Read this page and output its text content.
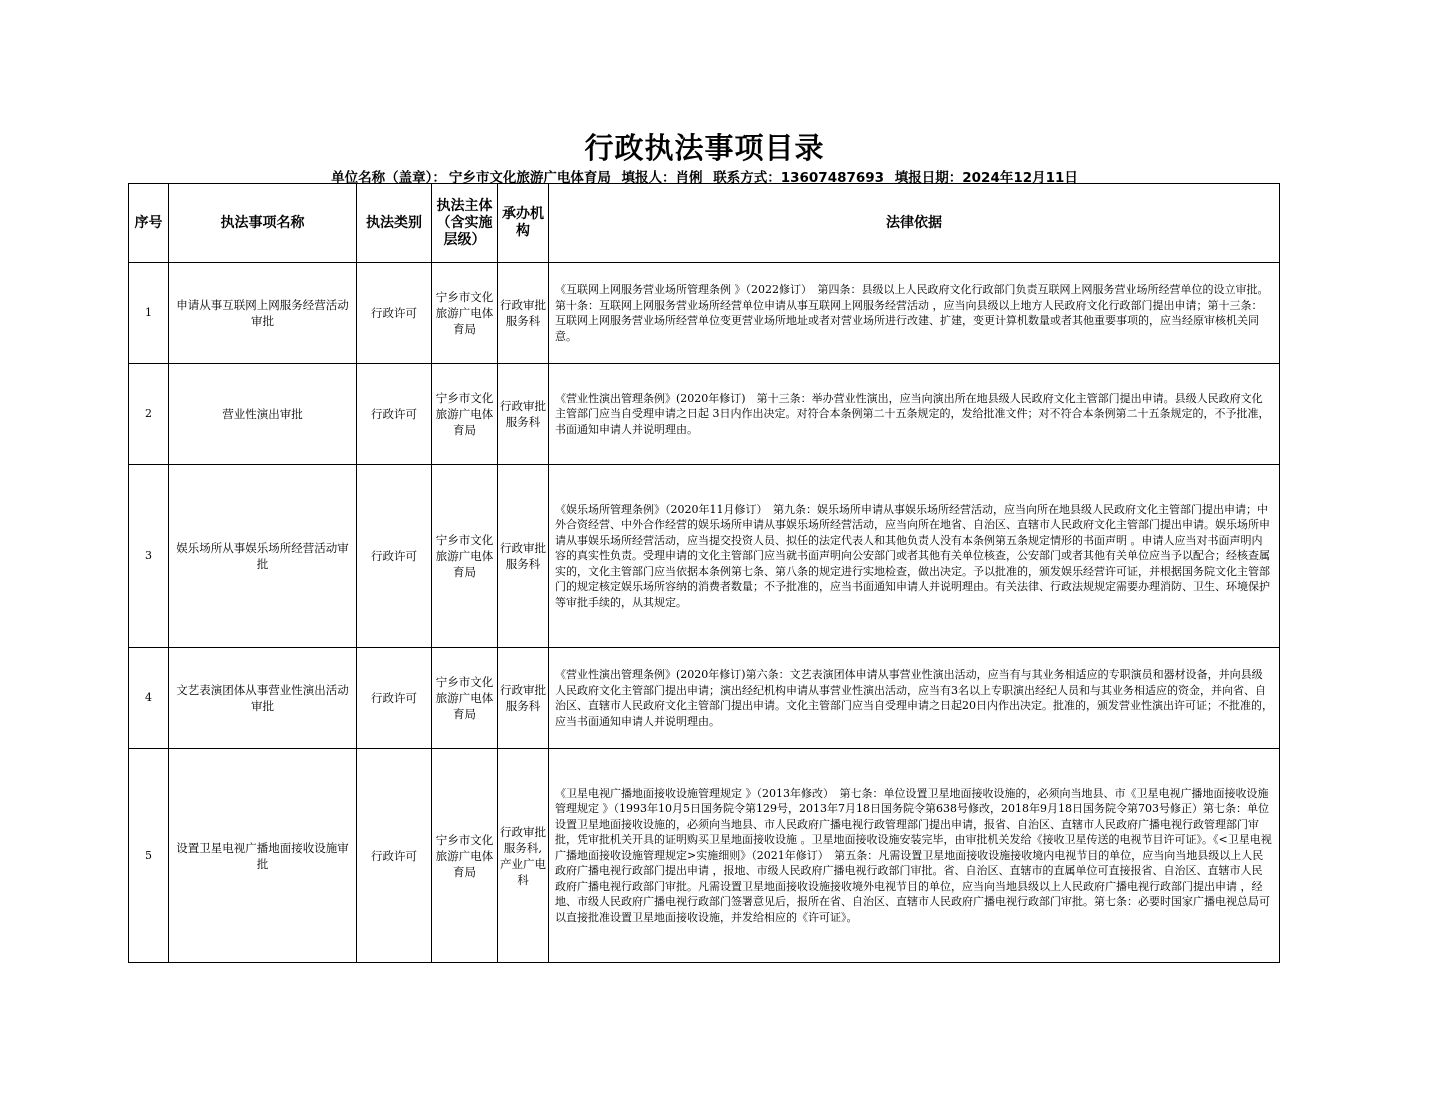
行政执法事项目录
单位名称（盖章）： 宁乡市文化旅游广电体育局 填报人：肖俐 联系方式：13607487693 填报日期：2024年12月11日
序号	执法事项名称	执法类别	执法主体（含实施层级）	承办机构	法律依据
1	申请从事互联网上网服务经营活动审批	行政许可	宁乡市文化旅游广电体育局	行政审批服务科	《互联网上网服务营业场所管理条例 》（2022修订）　第四条：县级以上人民政府文化行政部门负责互联网上网服务营业场所经营单位的设立审批。第十条：互联网上网服务营业场所经营单位申请从事互联网上网服务经营活动 ，应当向县级以上地方人民政府文化行政部门提出申请；第十三条：互联网上网服务营业场所经营单位变更营业场所地址或者对营业场所进行改建、扩建，变更计算机数量或者其他重要事项的，应当经原审核机关同意。
2	营业性演出审批	行政许可	宁乡市文化旅游广电体育局	行政审批服务科	《营业性演出管理条例》(2020年修订)　第十三条：举办营业性演出，应当向演出所在地县级人民政府文化主管部门提出申请。县级人民政府文化主管部门应当自受理申请之日起 3日内作出决定。对符合本条例第二十五条规定的，发给批准文件；对不符合本条例第二十五条规定的，不予批准，书面通知申请人并说明理由。
3	娱乐场所从事娱乐场所经营活动审批	行政许可	宁乡市文化旅游广电体育局	行政审批服务科	《娱乐场所管理条例》（2020年11月修订）　第九条：娱乐场所申请从事娱乐场所经营活动，应当向所在地县级人民政府文化主管部门提出申请；中外合资经营、中外合作经营的娱乐场所申请从事娱乐场所经营活动，应当向所在地省、自治区、直辖市人民政府文化主管部门提出申请。娱乐场所申请从事娱乐场所经营活动，应当提交投资人员、拟任的法定代表人和其他负责人没有本条例第五条规定情形的书面声明 。申请人应当对书面声明内容的真实性负责。受理申请的文化主管部门应当就书面声明向公安部门或者其他有关单位核查，公安部门或者其他有关单位应当予以配合；经核查属实的，文化主管部门应当依据本条例第七条、第八条的规定进行实地检查，做出决定。予以批准的，颁发娱乐经营许可证，并根据国务院文化主管部门的规定核定娱乐场所容纳的消费者数量；不予批准的，应当书面通知申请人并说明理由。有关法律、行政法规规定需要办理消防、卫生、环境保护等审批手续的，从其规定。
4	文艺表演团体从事营业性演出活动审批	行政许可	宁乡市文化旅游广电体育局	行政审批服务科	《营业性演出管理条例》(2020年修订)第六条：文艺表演团体申请从事营业性演出活动，应当有与其业务相适应的专职演员和器材设备，并向县级人民政府文化主管部门提出申请；演出经纪机构申请从事营业性演出活动，应当有3名以上专职演出经纪人员和与其业务相适应的资金，并向省、自治区、直辖市人民政府文化主管部门提出申请。文化主管部门应当自受理申请之日起20日内作出决定。批准的，颁发营业性演出许可证；不批准的，应当书面通知申请人并说明理由。
5	设置卫星电视广播地面接收设施审批	行政许可	宁乡市文化旅游广电体育局	行政审批服务科, 产业广电科	《卫星电视广播地面接收设施管理规定 》（2013年修改）　第七条：单位设置卫星地面接收设施的，必须向当地县、市《卫星电视广播地面接收设施管理规定 》（1993年10月5日国务院令第129号，2013年7月18日国务院令第638号修改，2018年9月18日国务院令第703号修正）第七条：单位设置卫星地面接收设施的，必须向当地县、市人民政府广播电视行政管理部门提出申请，报省、自治区、直辖市人民政府广播电视行政管理部门审批，凭审批机关开具的证明购买卫星地面接收设施 。卫星地面接收设施安装完毕，由审批机关发给《接收卫星传送的电视节目许可证》。《<卫星电视广播地面接收设施管理规定>实施细则》（2021年修订）　第五条：凡需设置卫星地面接收设施接收境内电视节目的单位，应当向当地县级以上人民政府广播电视行政部门提出申请 ，报地、市级人民政府广播电视行政部门审批。省、自治区、直辖市的直属单位可直接报省、自治区、直辖市人民政府广播电视行政部门审批。凡需设置卫星地面接收设施接收境外电视节目的单位，应当向当地县级以上人民政府广播电视行政部门提出申请 ，经地、市级人民政府广播电视行政部门签署意见后，报所在省、自治区、直辖市人民政府广播电视行政部门审批。第七条：必要时国家广播电视总局可以直接批准设置卫星地面接收设施，并发给相应的《许可证》。
